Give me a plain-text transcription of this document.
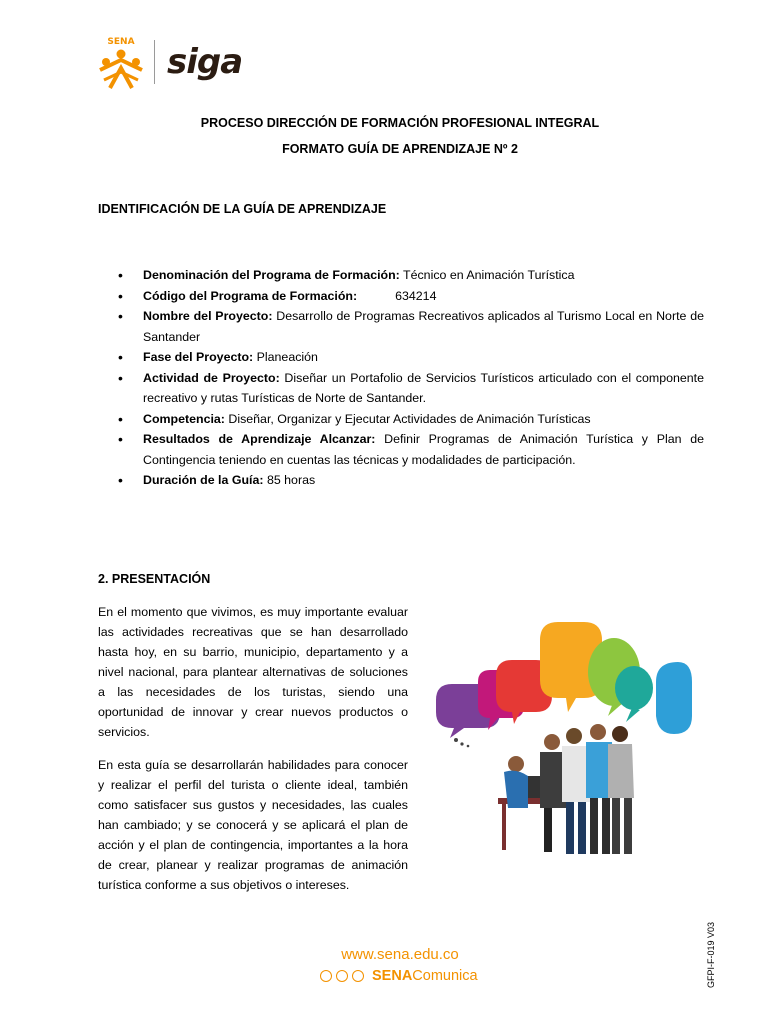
SENA siga
PROCESO DIRECCIÓN DE FORMACIÓN PROFESIONAL INTEGRAL
FORMATO GUÍA DE APRENDIZAJE Nº 2
IDENTIFICACIÓN DE LA GUÍA DE APRENDIZAJE
• Denominación del Programa de Formación: Técnico en Animación Turística
• Código del Programa de Formación:	634214
• Nombre del Proyecto: Desarrollo de Programas Recreativos aplicados al Turismo Local en Norte de Santander
• Fase del Proyecto: Planeación
• Actividad de Proyecto: Diseñar un Portafolio de Servicios Turísticos articulado con el componente recreativo y rutas Turísticas de Norte de Santander.
• Competencia: Diseñar, Organizar y Ejecutar Actividades de Animación Turísticas
• Resultados de Aprendizaje Alcanzar: Definir Programas de Animación Turística y Plan de Contingencia teniendo en cuentas las técnicas y modalidades de participación.
• Duración de la Guía: 85 horas
2. PRESENTACIÓN
En el momento que vivimos, es muy importante evaluar las actividades recreativas que se han desarrollado hasta hoy, en su barrio, municipio, departamento y a nivel nacional, para plantear alternativas de soluciones a las necesidades de los turistas, siendo una oportunidad de innovar y crear nuevos productos o servicios.
En esta guía se desarrollarán habilidades para conocer y realizar el perfil del turista o cliente ideal, también como satisfacer sus gustos y necesidades, las cuales han cambiado; y se conocerá y se aplicará el plan de acción y el plan de contingencia, importantes a la hora de crear, planear y realizar programas de animación turística conforme a sus objetivos o intereses.
www.sena.edu.co
SENAComunica	GFPI-F-019 V03
